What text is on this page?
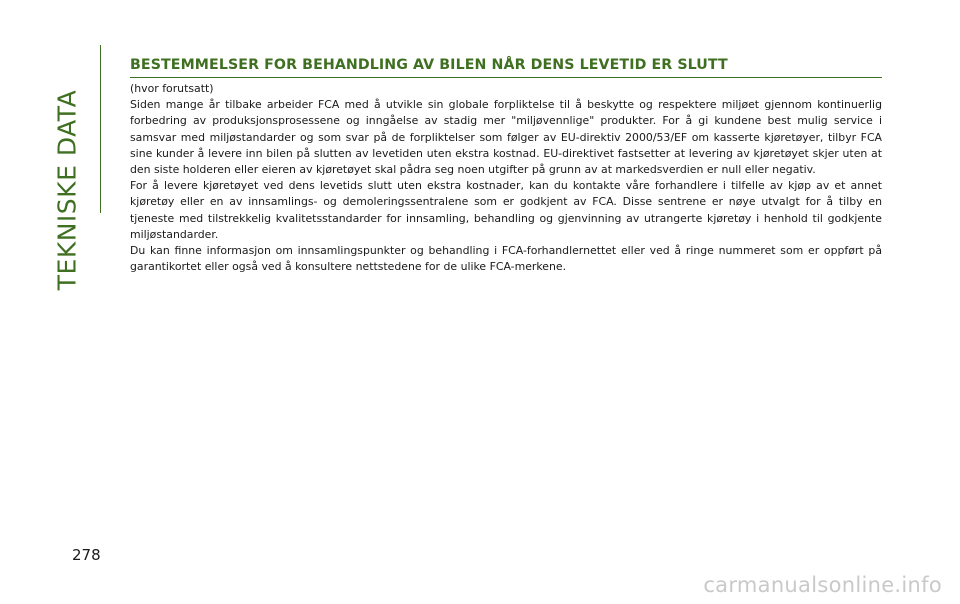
TEKNISKE DATA
BESTEMMELSER FOR BEHANDLING AV BILEN NÅR DENS LEVETID ER SLUTT

(hvor forutsatt)

Siden mange år tilbake arbeider FCA med å utvikle sin globale forpliktelse til å beskytte og respektere miljøet gjennom kontinuerlig forbedring av produksjonsprosessene og inngåelse av stadig mer "miljøvennlige" produkter. For å gi kundene best mulig service i samsvar med miljøstandarder og som svar på de forpliktelser som følger av EU-direktiv 2000/53/EF om kasserte kjøretøyer, tilbyr FCA sine kunder å levere inn bilen på slutten av levetiden uten ekstra kostnad. EU-direktivet fastsetter at levering av kjøretøyet skjer uten at den siste holderen eller eieren av kjøretøyet skal pådra seg noen utgifter på grunn av at markedsverdien er null eller negativ.

For å levere kjøretøyet ved dens levetids slutt uten ekstra kostnader, kan du kontakte våre forhandlere i tilfelle av kjøp av et annet kjøretøy eller en av innsamlings- og demoleringssentralene som er godkjent av FCA. Disse sentrene er nøye utvalgt for å tilby en tjeneste med tilstrekkelig kvalitetsstandarder for innsamling, behandling og gjenvinning av utrangerte kjøretøy i henhold til godkjente miljøstandarder.

Du kan finne informasjon om innsamlingspunkter og behandling i FCA-forhandlernettet eller ved å ringe nummeret som er oppført på garantikortet eller også ved å konsultere nettstedene for de ulike FCA-merkene.

278
carmanualsonline.info
